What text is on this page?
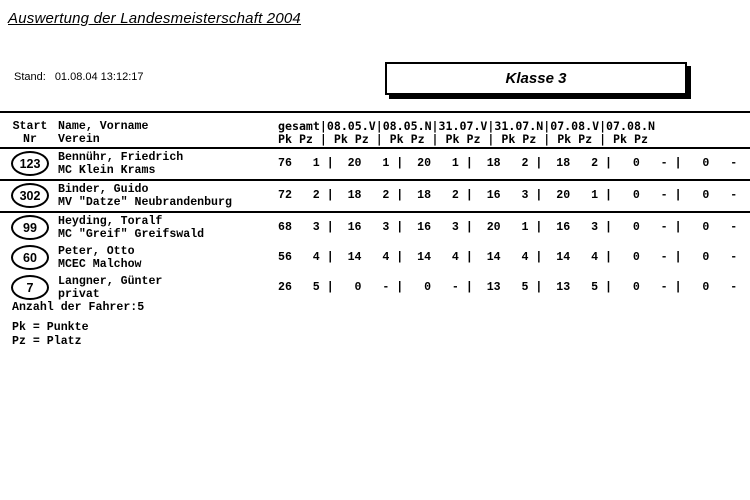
Auswertung der Landesmeisterschaft 2004
Stand: 01.08.04 13:12:17	Klasse 3
Start
Nr
Name, Vorname
Verein
gesamt|08.05.V|08.05.N|31.07.V|31.07.N|07.08.V|07.08.N
Pk Pz | Pk Pz | Pk Pz | Pk Pz | Pk Pz | Pk Pz | Pk Pz
123 Bennühr, Friedrich
MC Klein Krams
76   1 |  20   1 |  20   1 |  18   2 |  18   2 |   0   - |   0   -
302 Binder, Guido
MV "Datze" Neubrandenburg
72   2 |  18   2 |  18   2 |  16   3 |  20   1 |   0   - |   0   -
99 Heyding, Toralf
MC "Greif" Greifswald
68   3 |  16   3 |  16   3 |  20   1 |  16   3 |   0   - |   0   -
60 Peter, Otto
MCEC Malchow
56   4 |  14   4 |  14   4 |  14   4 |  14   4 |   0   - |   0   -
7 Langner, Günter
privat
26   5 |   0   - |   0   - |  13   5 |  13   5 |   0   - |   0   -
Anzahl der Fahrer:5
Pk = Punkte
Pz = Platz
